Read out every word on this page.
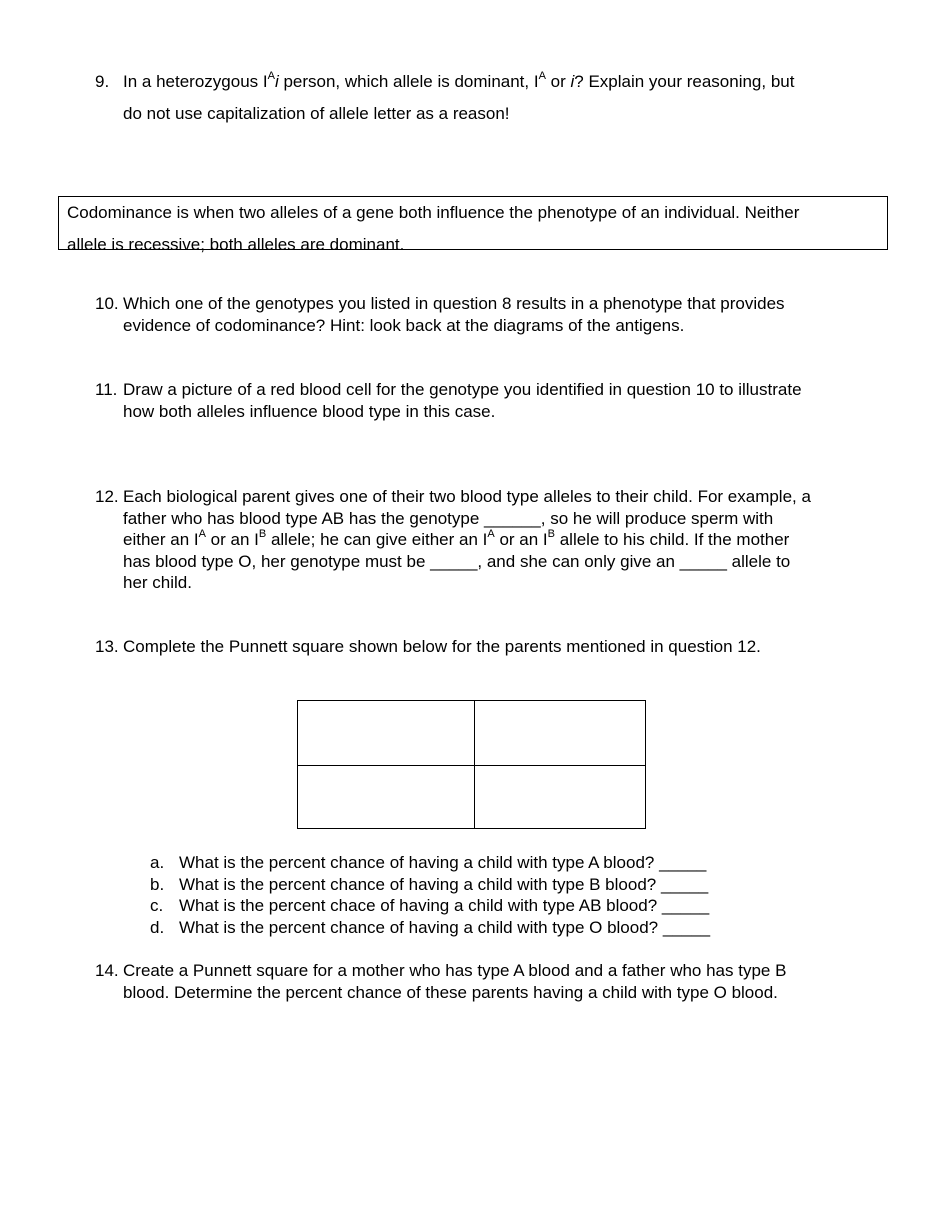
9. In a heterozygous $I^Ai$ person, which allele is dominant, $I^A$ or i? Explain your reasoning, but
do not use capitalization of allele letter as a reason!
Codominance is when two alleles of a gene both influence the phenotype of an individual. Neither
allele is recessive; both alleles are dominant.
10. Which one of the genotypes you listed in question 8 results in a phenotype that provides
evidence of codominance? Hint: look back at the diagrams of the antigens.
11. Draw a picture of a red blood cell for the genotype you identified in question 10 to illustrate
how both alleles influence blood type in this case.
12. Each biological parent gives one of their two blood type alleles to their child. For example, a
father who has blood type AB has the genotype ______, so he will produce sperm with
either an $I^A$ or an $I^B$ allele; he can give either an $I^A$ or an $I^B$ allele to his child. If the mother
has blood type O, her genotype must be _____, and she can only give an _____ allele to
her child.
13. Complete the Punnett square shown below for the parents mentioned in question 12.

a. What is the percent chance of having a child with type A blood? _____
b. What is the percent chance of having a child with type B blood? _____
c. What is the percent chace of having a child with type AB blood? _____
d. What is the percent chance of having a child with type O blood? _____
14. Create a Punnett square for a mother who has type A blood and a father who has type B
blood. Determine the percent chance of these parents having a child with type O blood.
